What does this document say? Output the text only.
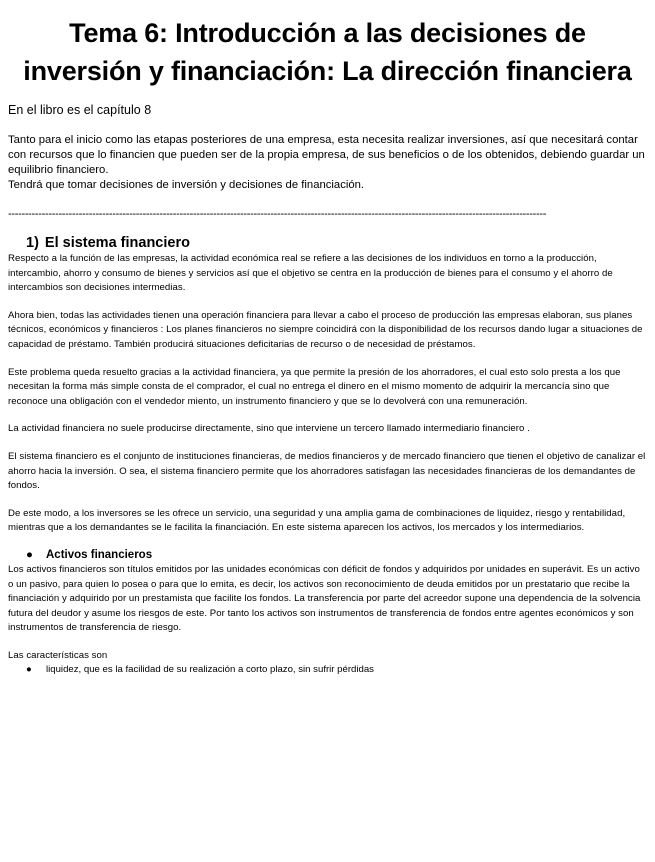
Tema 6: Introducción a las decisiones de inversión y financiación: La dirección financiera

En el libro es el capítulo 8

Tanto para el inicio como las etapas posteriores de una empresa, esta necesita realizar inversiones, así que necesitará contar con recursos que lo financien que pueden ser de la propia empresa, de sus beneficios o de los obtenidos, debiendo guardar un equilibrio financiero.

Tendrá que tomar decisiones de inversión y decisiones de financiación.

----------------------------------------------------------------------------------------------------------------------------------------------------------------

1) El sistema financiero

Respecto a la función de las empresas, la actividad económica real se refiere a las decisiones de los individuos en torno a la producción, intercambio, ahorro y consumo de bienes y servicios así que el objetivo se centra en la producción de bienes para el consumo y el ahorro de intercambios son decisiones intermedias.

Ahora bien, todas las actividades tienen una operación financiera para llevar a cabo el proceso de producción las empresas elaboran, sus planes técnicos, económicos y financieros : Los planes financieros no siempre coincidirá con la disponibilidad de los recursos dando lugar a situaciones de capacidad de préstamo. También producirá situaciones deficitarias de recurso o de necesidad de préstamos.

Este problema queda resuelto gracias a la actividad financiera, ya que permite la presión de los ahorradores, el cual esto solo presta a los que necesitan la forma más simple consta de el comprador, el cual no entrega el dinero en el mismo momento de adquirir la mercancía sino que reconoce una obligación con el vendedor miento, un instrumento financiero y que se lo devolverá con una remuneración.

La actividad financiera no suele producirse directamente, sino que interviene un tercero llamado intermediario financiero .

El sistema financiero es el conjunto de instituciones financieras, de medios financieros y de mercado financiero que tienen el objetivo de canalizar el ahorro hacia la inversión. O sea, el sistema financiero permite que los ahorradores satisfagan las necesidades financieras de los demandantes de fondos.

De este modo, a los inversores se les ofrece un servicio, una seguridad y una amplia gama de combinaciones de liquidez, riesgo y rentabilidad, mientras que a los demandantes se le facilita la financiación. En este sistema aparecen los activos, los mercados y los intermediarios.

●	Activos financieros

Los activos financieros son títulos emitidos por las unidades económicas con déficit de fondos y adquiridos por unidades en superávit. Es un activo o un pasivo, para quien lo posea o para que lo emita, es decir, los activos son reconocimiento de deuda emitidos por un prestatario que recibe la financiación y adquirido por un prestamista que facilite los fondos. La transferencia por parte del acreedor supone una dependencia de la solvencia futura del deudor y asume los riesgos de este. Por tanto los activos son instrumentos de transferencia de fondos entre agentes económicos y son instrumentos de transferencia de riesgo.

Las características son

●	liquidez, que es la facilidad de su realización a corto plazo, sin sufrir pérdidas
